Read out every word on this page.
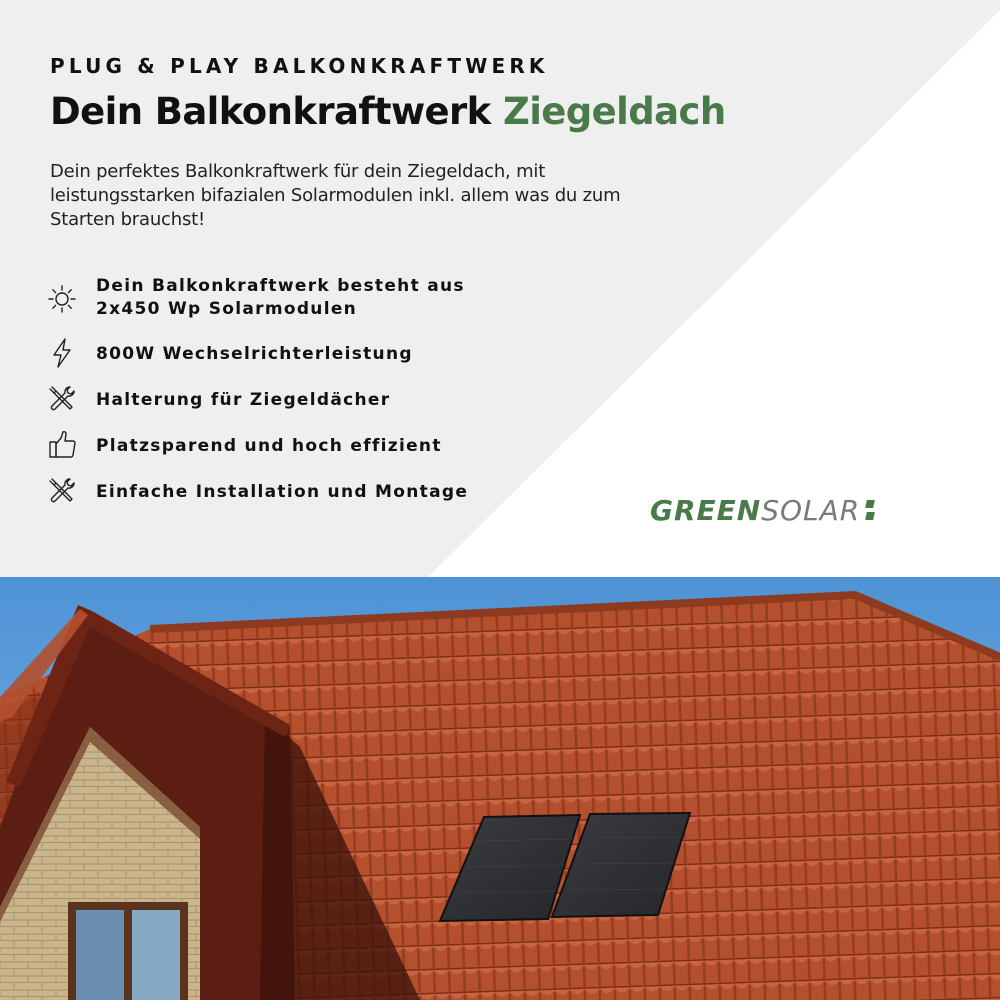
PLUG & PLAY BALKONKRAFTWERK
Dein Balkonkraftwerk Ziegeldach
Dein perfektes Balkonkraftwerk für dein Ziegeldach, mit leistungsstarken bifazialen Solarmodulen inkl. allem was du zum Starten brauchst!
Dein Balkonkraftwerk besteht aus
2x450 Wp Solarmodulen
800W Wechselrichterleistung
Halterung für Ziegeldächer
Platzsparend und hoch effizient
Einfache Installation und Montage
GREENSOLAR
